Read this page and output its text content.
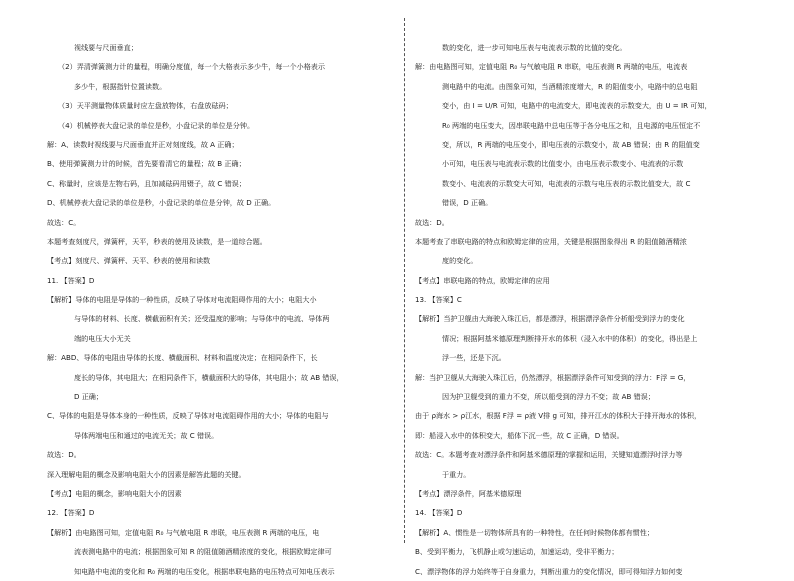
视线要与尺面垂直；
（2）弄清弹簧测力计的量程，明确分度值，每一个大格表示多少牛，每一个小格表示
多少牛，根据指针位置读数。
（3）天平测量物体质量时应左盘放物体，右盘放砝码；
（4）机械停表大盘记录的单位是秒，小盘记录的单位是分钟。
解：A、读数时视线要与尺面垂直并正对刻度线，故 A 正确；
B、使用弹簧测力计的时候，首先要看清它的量程；故 B 正确；
C、称量时，应该是左物右码，且加减砝码用镊子，故 C 错误；
D、机械停表大盘记录的单位是秒，小盘记录的单位是分钟，故 D 正确。
故选：C。
本题考查刻度尺，弹簧秤，天平，秒表的使用及读数，是一道综合题。
【考点】刻度尺、弹簧秤、天平、秒表的使用和读数
11. 【答案】D
【解析】导体的电阻是导体的一种性质，反映了导体对电流阻碍作用的大小；电阻大小
与导体的材料、长度、横截面积有关；还受温度的影响；与导体中的电流、导体两
端的电压大小无关
解：ABD、导体的电阻由导体的长度、横截面积、材料和温度决定；在相同条件下，长
度长的导体，其电阻大；在相同条件下，横截面积大的导体，其电阻小；故 AB 错误，
D 正确；
C、导体的电阻是导体本身的一种性质，反映了导体对电流阻碍作用的大小；导体的电阻与
导体两端电压和通过的电流无关；故 C 错误。
故选：D。
深入理解电阻的概念及影响电阻大小的因素是解答此题的关键。
【考点】电阻的概念，影响电阻大小的因素
12. 【答案】D
【解析】由电路图可知，定值电阻 R₀ 与气敏电阻 R 串联，电压表测 R 两端的电压，电
流表测电路中的电流；根据图象可知 R 的阻值随酒精浓度的变化，根据欧姆定律可
知电路中电流的变化和 R₀ 两端的电压变化，根据串联电路的电压特点可知电压表示
数的变化，进一步可知电压表与电流表示数的比值的变化。
解：由电路图可知，定值电阻 R₀ 与气敏电阻 R 串联，电压表测 R 两端的电压，电流表
测电路中的电流。由图象可知，当酒精浓度增大，R 的阻值变小，电路中的总电阻
变小，由 I = U/R 可知，电路中的电流变大，即电流表的示数变大，由 U = IR 可知，
R₀ 两端的电压变大，因串联电路中总电压等于各分电压之和，且电源的电压恒定不
变，所以，R 两端的电压变小，即电压表的示数变小，故 AB 错误；由 R 的阻值变
小可知，电压表与电流表示数的比值变小，由电压表示数变小、电流表的示数
数变小、电流表的示数变大可知，电流表的示数与电压表的示数比值变大，故 C
错误，D 正确。
故选：D。
本题考查了串联电路的特点和欧姆定律的应用，关键是根据图象得出 R 的阻值随酒精浓
度的变化。
【考点】串联电路的特点，欧姆定律的应用
13. 【答案】C
【解析】当护卫舰由大海驶入珠江后，都是漂浮，根据漂浮条件分析船受到浮力的变化
情况；根据阿基米德原理判断排开水的体积（浸入水中的体积）的变化，得出是上
浮一些，还是下沉。
解：当护卫舰从大海驶入珠江后，仍然漂浮，根据漂浮条件可知受到的浮力：F浮 = G，
因为护卫舰受到的重力不变，所以船受到的浮力不变；故 AB 错误；
由于 ρ海水 > ρ江水，根据 F浮 = ρ液 V排 g 可知，排开江水的体积大于排开海水的体积，
即：船浸入水中的体积变大，船体下沉一些，故 C 正确，D 错误。
故选：C。本题考查对漂浮条件和阿基米德原理的掌握和运用，关键知道漂浮时浮力等
于重力。
【考点】漂浮条件，阿基米德原理
14. 【答案】D
【解析】A、惯性是一切物体所具有的一种特性，在任何时候物体都有惯性；
B、受到平衡力，飞机静止或匀速运动，加速运动，受非平衡力；
C、漂浮物体的浮力始终等于自身重力，判断出重力的变化情况，即可得知浮力如何变
